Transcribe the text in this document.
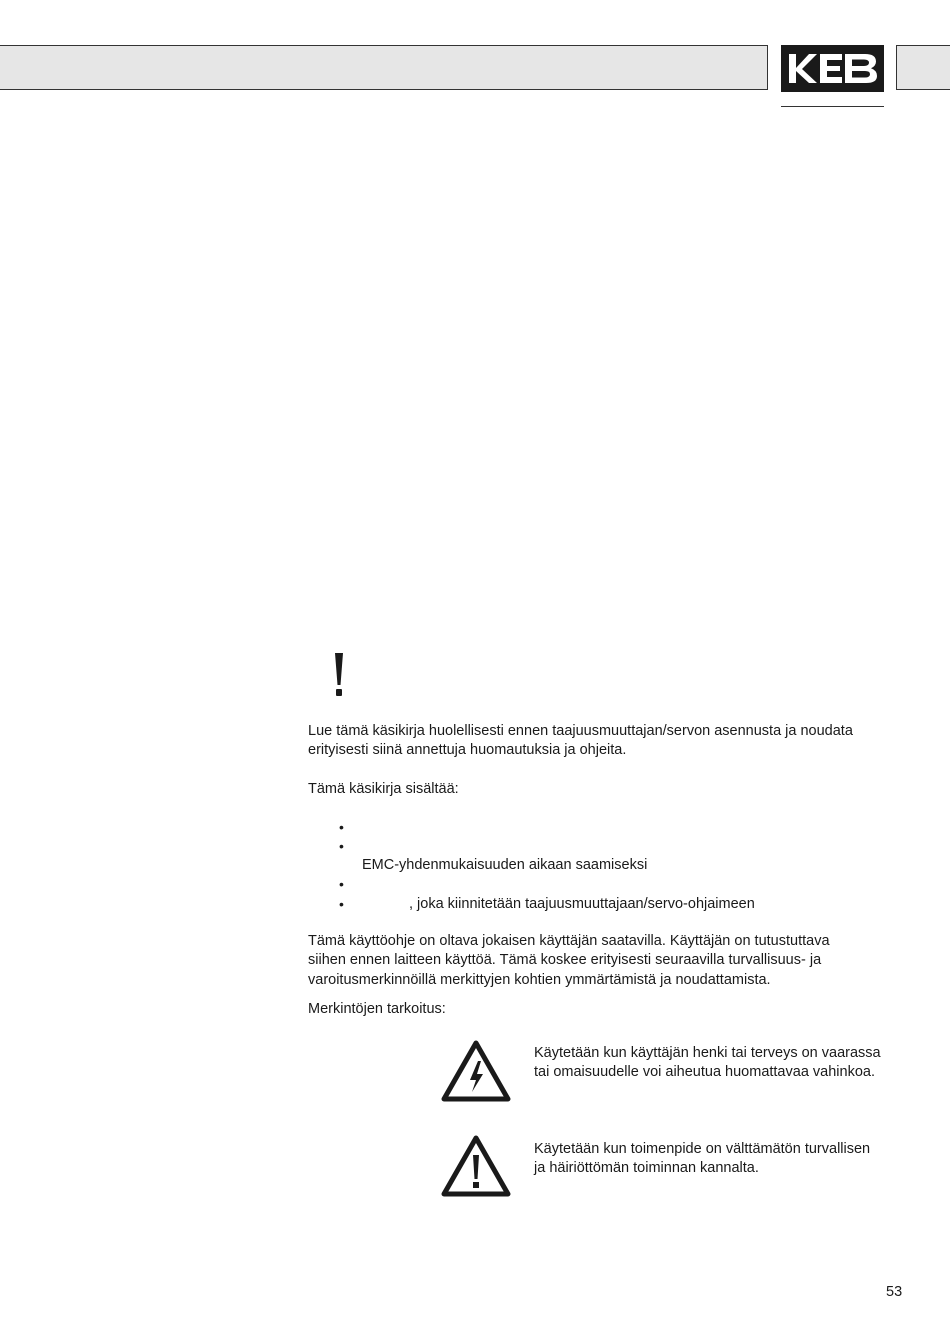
Lue tämä käsikirja huolellisesti ennen taajuusmuuttajan/servon asennusta ja noudata
erityisesti siinä annettuja huomautuksia ja ohjeita.
Tämä käsikirja sisältää:
•
•
EMC-yhdenmukaisuuden aikaan saamiseksi
•
•	, joka kiinnitetään taajuusmuuttajaan/servo-ohjaimeen
Tämä käyttöohje on oltava jokaisen käyttäjän saatavilla. Käyttäjän on tutustuttava
siihen ennen laitteen käyttöä. Tämä koskee erityisesti seuraavilla turvallisuus- ja
varoitusmerkinnöillä merkittyjen kohtien ymmärtämistä ja noudattamista.
Merkintöjen tarkoitus:
Käytetään kun käyttäjän henki tai terveys on vaarassa
tai omaisuudelle voi aiheutua huomattavaa vahinkoa.
Käytetään kun toimenpide on välttämätön turvallisen
ja häiriöttömän toiminnan kannalta.
53
